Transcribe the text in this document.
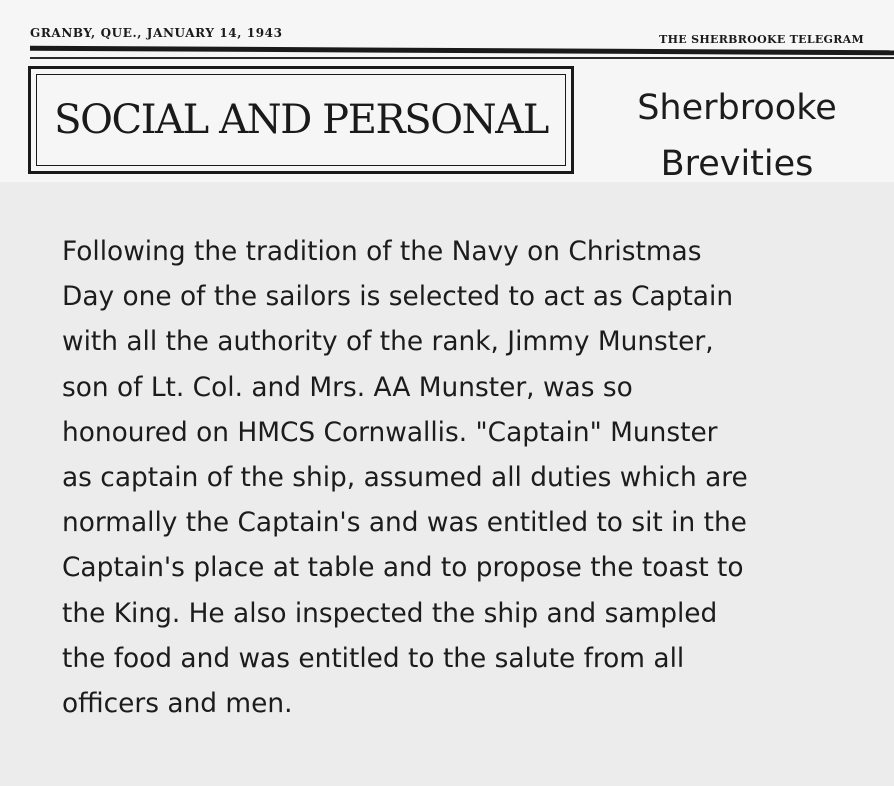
GRANBY, QUE., JANUARY 14, 1943	THE SHERBROOKE TELEGRAM
SOCIAL AND PERSONAL	Sherbrooke
Brevities
Following the tradition of the Navy on Christmas
Day one of the sailors is selected to act as Captain
with all the authority of the rank, Jimmy Munster,
son of Lt. Col. and Mrs. AA Munster, was so
honoured on HMCS Cornwallis. "Captain" Munster
as captain of the ship, assumed all duties which are
normally the Captain's and was entitled to sit in the
Captain's place at table and to propose the toast to
the King. He also inspected the ship and sampled
the food and was entitled to the salute from all
officers and men.
